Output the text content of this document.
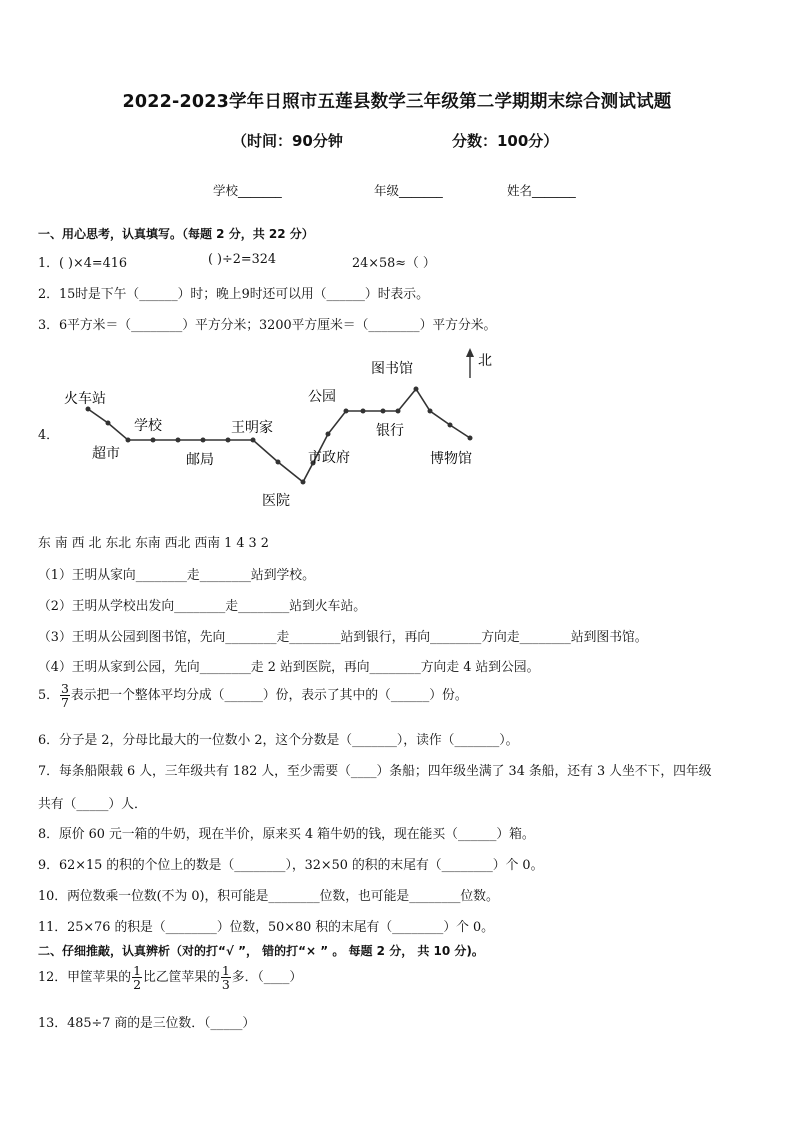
2022-2023学年日照市五莲县数学三年级第二学期期末综合测试试题
（时间：90分钟	分数：100分）
学校_______	年级_______	姓名_______
一、用心思考，认真填写。（每题 2 分，共 22 分）
1．( )×4=416	( )÷2=324	24×58≈（ ）
2．15时是下午（______）时；晚上9时还可以用（______）时表示。
3．6平方米＝（________）平方分米；3200平方厘米＝（________）平方分米。
4．
北
火车站
超市
学校
邮局
王明家
医院
市政府
公园
图书馆
银行
博物馆
东 南 西 北 东北 东南 西北 西南 1 4 3 2
（1）王明从家向________走________站到学校。
（2）王明从学校出发向________走________站到火车站。
（3）王明从公园到图书馆，先向________走________站到银行，再向________方向走________站到图书馆。
（4）王明从家到公园，先向________走 2 站到医院，再向________方向走 4 站到公园。
5． $\frac{3}{7}$ 表示把一个整体平均分成（______）份，表示了其中的（______）份。
6．分子是 2，分母比最大的一位数小 2，这个分数是（_______），读作（_______）。
7．每条船限载 6 人，三年级共有 182 人，至少需要（____）条船；四年级坐满了 34 条船，还有 3 人坐不下，四年级
共有（_____）人．
8．原价 60 元一箱的牛奶，现在半价，原来买 4 箱牛奶的钱，现在能买（______）箱。
9．62×15 的积的个位上的数是（________），32×50 的积的末尾有（________）个 0。
10．两位数乘一位数(不为 0)，积可能是________位数，也可能是________位数。
11．25×76 的积是（________）位数，50×80 积的末尾有（________）个 0。
二、仔细推敲，认真辨析（对的打“√ ”， 错的打“× ” 。 每题 2 分， 共 10 分)。
12．甲筐苹果的 $\frac{1}{2}$ 比乙筐苹果的 $\frac{1}{3}$ 多．（____）
13．485÷7 商的是三位数．（_____）
